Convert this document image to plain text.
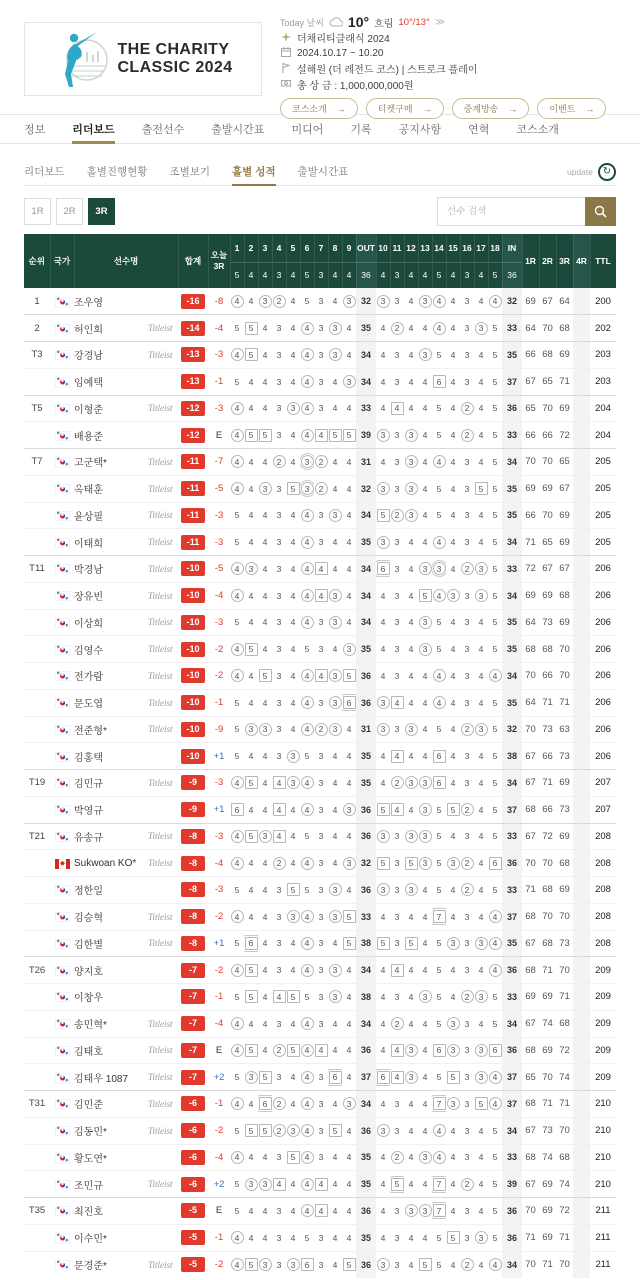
THE CHARITY
CLASSIC 2024
Today 날씨 10° 흐림 10°/13° ≫
더채리티클래식 2024
2024.10.17 ~ 10.20
설해원 (더 레전드 코스) | 스트로크 플레이
총 상 금 : 1,000,000,000원
코스소개 →	티켓구매 →	중계방송 →	이벤트 →
정보 리더보드 출전선수 출발시간표 미디어 기록 공지사항 연혁 코스소개
리더보드 홀별진행현황 조별보기 홀별 성적 출발시간표	update ↻
1R	2R	3R
선수 검색
순위	국가	선수명		합계	오늘
3R	1	2	3	4	5	6	7	8	9	OUT	10	11	12	13	14	15	16	17	18	IN	1R	2R	3R	4R	TTL
						5	4	4	3	4	5	3	4	4	36	4	3	4	4	5	4	3	4	5	36					
1		조우영		-16	-8	4	4	3	2	4	5	3	4	3	32	3	3	4	3	4	4	3	4	4	32	69	67	64		200
2		허인회	Titleist	-14	-4	5	5	4	3	4	4	3	3	4	35	4	2	4	4	4	4	3	3	5	33	64	70	68		202
T3		강경남	Titleist	-13	-3	4	5	4	3	4	4	3	3	4	34	4	3	4	3	5	4	3	4	5	35	66	68	69		203
		임예택		-13	-1	5	4	4	3	4	4	3	4	3	34	4	3	4	4	6	4	3	4	5	37	67	65	71		203
T5		이형준	Titleist	-12	-3	4	4	4	3	3	4	3	4	4	33	4	4	4	4	5	4	2	4	5	36	65	70	69		204
		배용준		-12	E	4	5	5	3	4	4	4	5	5	39	3	3	3	4	5	4	2	4	5	33	66	66	72		204
T7		고군택*	Titleist	-11	-7	4	4	4	2	4	3	2	4	4	31	4	3	3	4	4	4	3	4	5	34	70	70	65		205
		옥태훈	Titleist	-11	-5	4	4	3	3	5	3	2	4	4	32	3	3	3	4	5	4	3	5	5	35	69	69	67		205
		윤상필	Titleist	-11	-3	5	4	4	3	4	4	3	3	4	34	5	2	3	4	5	4	3	4	5	35	66	70	69		205
		이태희	Titleist	-11	-3	5	4	4	3	4	4	3	4	4	35	3	3	4	4	4	4	3	4	5	34	71	65	69		205
T11		박경남	Titleist	-10	-5	4	3	4	3	4	4	4	4	4	34	6	3	4	3	3	4	2	3	5	33	72	67	67		206
		장유빈	Titleist	-10	-4	4	4	4	3	4	4	4	3	4	34	4	3	4	5	4	3	3	3	5	34	69	69	68		206
		이상희	Titleist	-10	-3	5	4	4	3	4	4	3	3	4	34	4	3	4	3	5	4	3	4	5	35	64	73	69		206
		김영수	Titleist	-10	-2	4	5	4	3	4	5	3	4	3	35	4	3	4	3	5	4	3	4	5	35	68	68	70		206
		전가람	Titleist	-10	-2	4	4	5	3	4	4	4	3	5	36	4	3	4	4	4	4	3	4	4	34	70	66	70		206
		문도엽	Titleist	-10	-1	5	4	4	3	4	4	3	3	6	36	3	4	4	4	4	4	3	4	5	35	64	71	71		206
		전준형*	Titleist	-10	-9	5	3	3	3	4	4	2	3	4	31	3	3	3	4	5	4	2	3	5	32	70	73	63		206
		김홍택		-10	+1	5	4	4	3	3	5	3	4	4	35	4	4	4	4	6	4	3	4	5	38	67	66	73		206
T19		김민규	Titleist	-9	-3	4	5	4	4	3	4	3	4	4	35	4	2	3	3	6	4	3	4	5	34	67	71	69		207
		박영규		-9	+1	6	4	4	4	4	4	3	4	3	36	5	4	4	3	5	5	2	4	5	37	68	66	73		207
T21		유송규	Titleist	-8	-3	4	5	3	4	4	5	3	4	4	36	3	3	3	3	5	4	3	4	5	33	67	72	69		208
		Sukwoan KO*	Titleist	-8	-4	4	4	4	2	4	4	3	4	3	32	5	3	5	3	5	3	2	4	6	36	70	70	68		208
		정한일		-8	-3	5	4	4	3	5	5	3	3	4	36	3	3	3	4	5	4	2	4	5	33	71	68	69		208
		김승혁	Titleist	-8	-2	4	4	4	3	3	4	3	3	5	33	4	3	4	4	7	4	3	4	4	37	68	70	70		208
		김한별	Titleist	-8	+1	5	6	4	3	4	4	3	4	5	38	5	3	5	4	5	3	3	3	4	35	67	68	73		208
T26		양지호		-7	-2	4	5	4	3	4	4	3	3	4	34	4	4	4	4	5	4	3	4	4	36	68	71	70		209
		이창우		-7	-1	5	5	4	4	5	5	3	3	4	38	4	3	4	3	5	4	2	3	5	33	69	69	71		209
		송민혁*	Titleist	-7	-4	4	4	4	3	4	4	3	4	4	34	4	2	4	4	5	3	3	4	5	34	67	74	68		209
		김태호	Titleist	-7	E	4	5	4	2	5	4	4	4	4	36	4	4	3	4	6	3	3	3	6	36	68	69	72		209
		김태우 1087	Titleist	-7	+2	5	3	5	3	4	4	3	6	4	37	6	4	3	4	5	5	3	3	4	37	65	70	74		209
T31		김민준	Titleist	-6	-1	4	4	6	2	4	4	3	4	3	34	4	3	4	4	7	3	3	5	4	37	68	71	71		210
		김동민*	Titleist	-6	-2	5	5	5	2	3	4	3	5	4	36	3	3	4	4	4	4	3	4	5	34	67	73	70		210
		황도연*		-6	-4	4	4	4	3	5	4	3	4	4	35	4	2	4	3	4	4	3	4	5	33	68	74	68		210
		조민규	Titleist	-6	+2	5	3	3	4	4	4	4	4	4	35	4	5	4	4	7	4	2	4	5	39	67	69	74		210
T35		최진호		-5	E	5	4	4	3	4	4	4	4	4	36	4	3	3	3	7	4	3	4	5	36	70	69	72		211
		이수민*		-5	-1	4	4	4	3	4	5	3	4	4	35	4	3	4	4	5	5	3	3	5	36	71	69	71		211
		문경준*	Titleist	-5	-2	4	5	3	3	3	6	3	4	5	36	3	3	4	5	5	4	2	4	4	34	70	71	70		211
